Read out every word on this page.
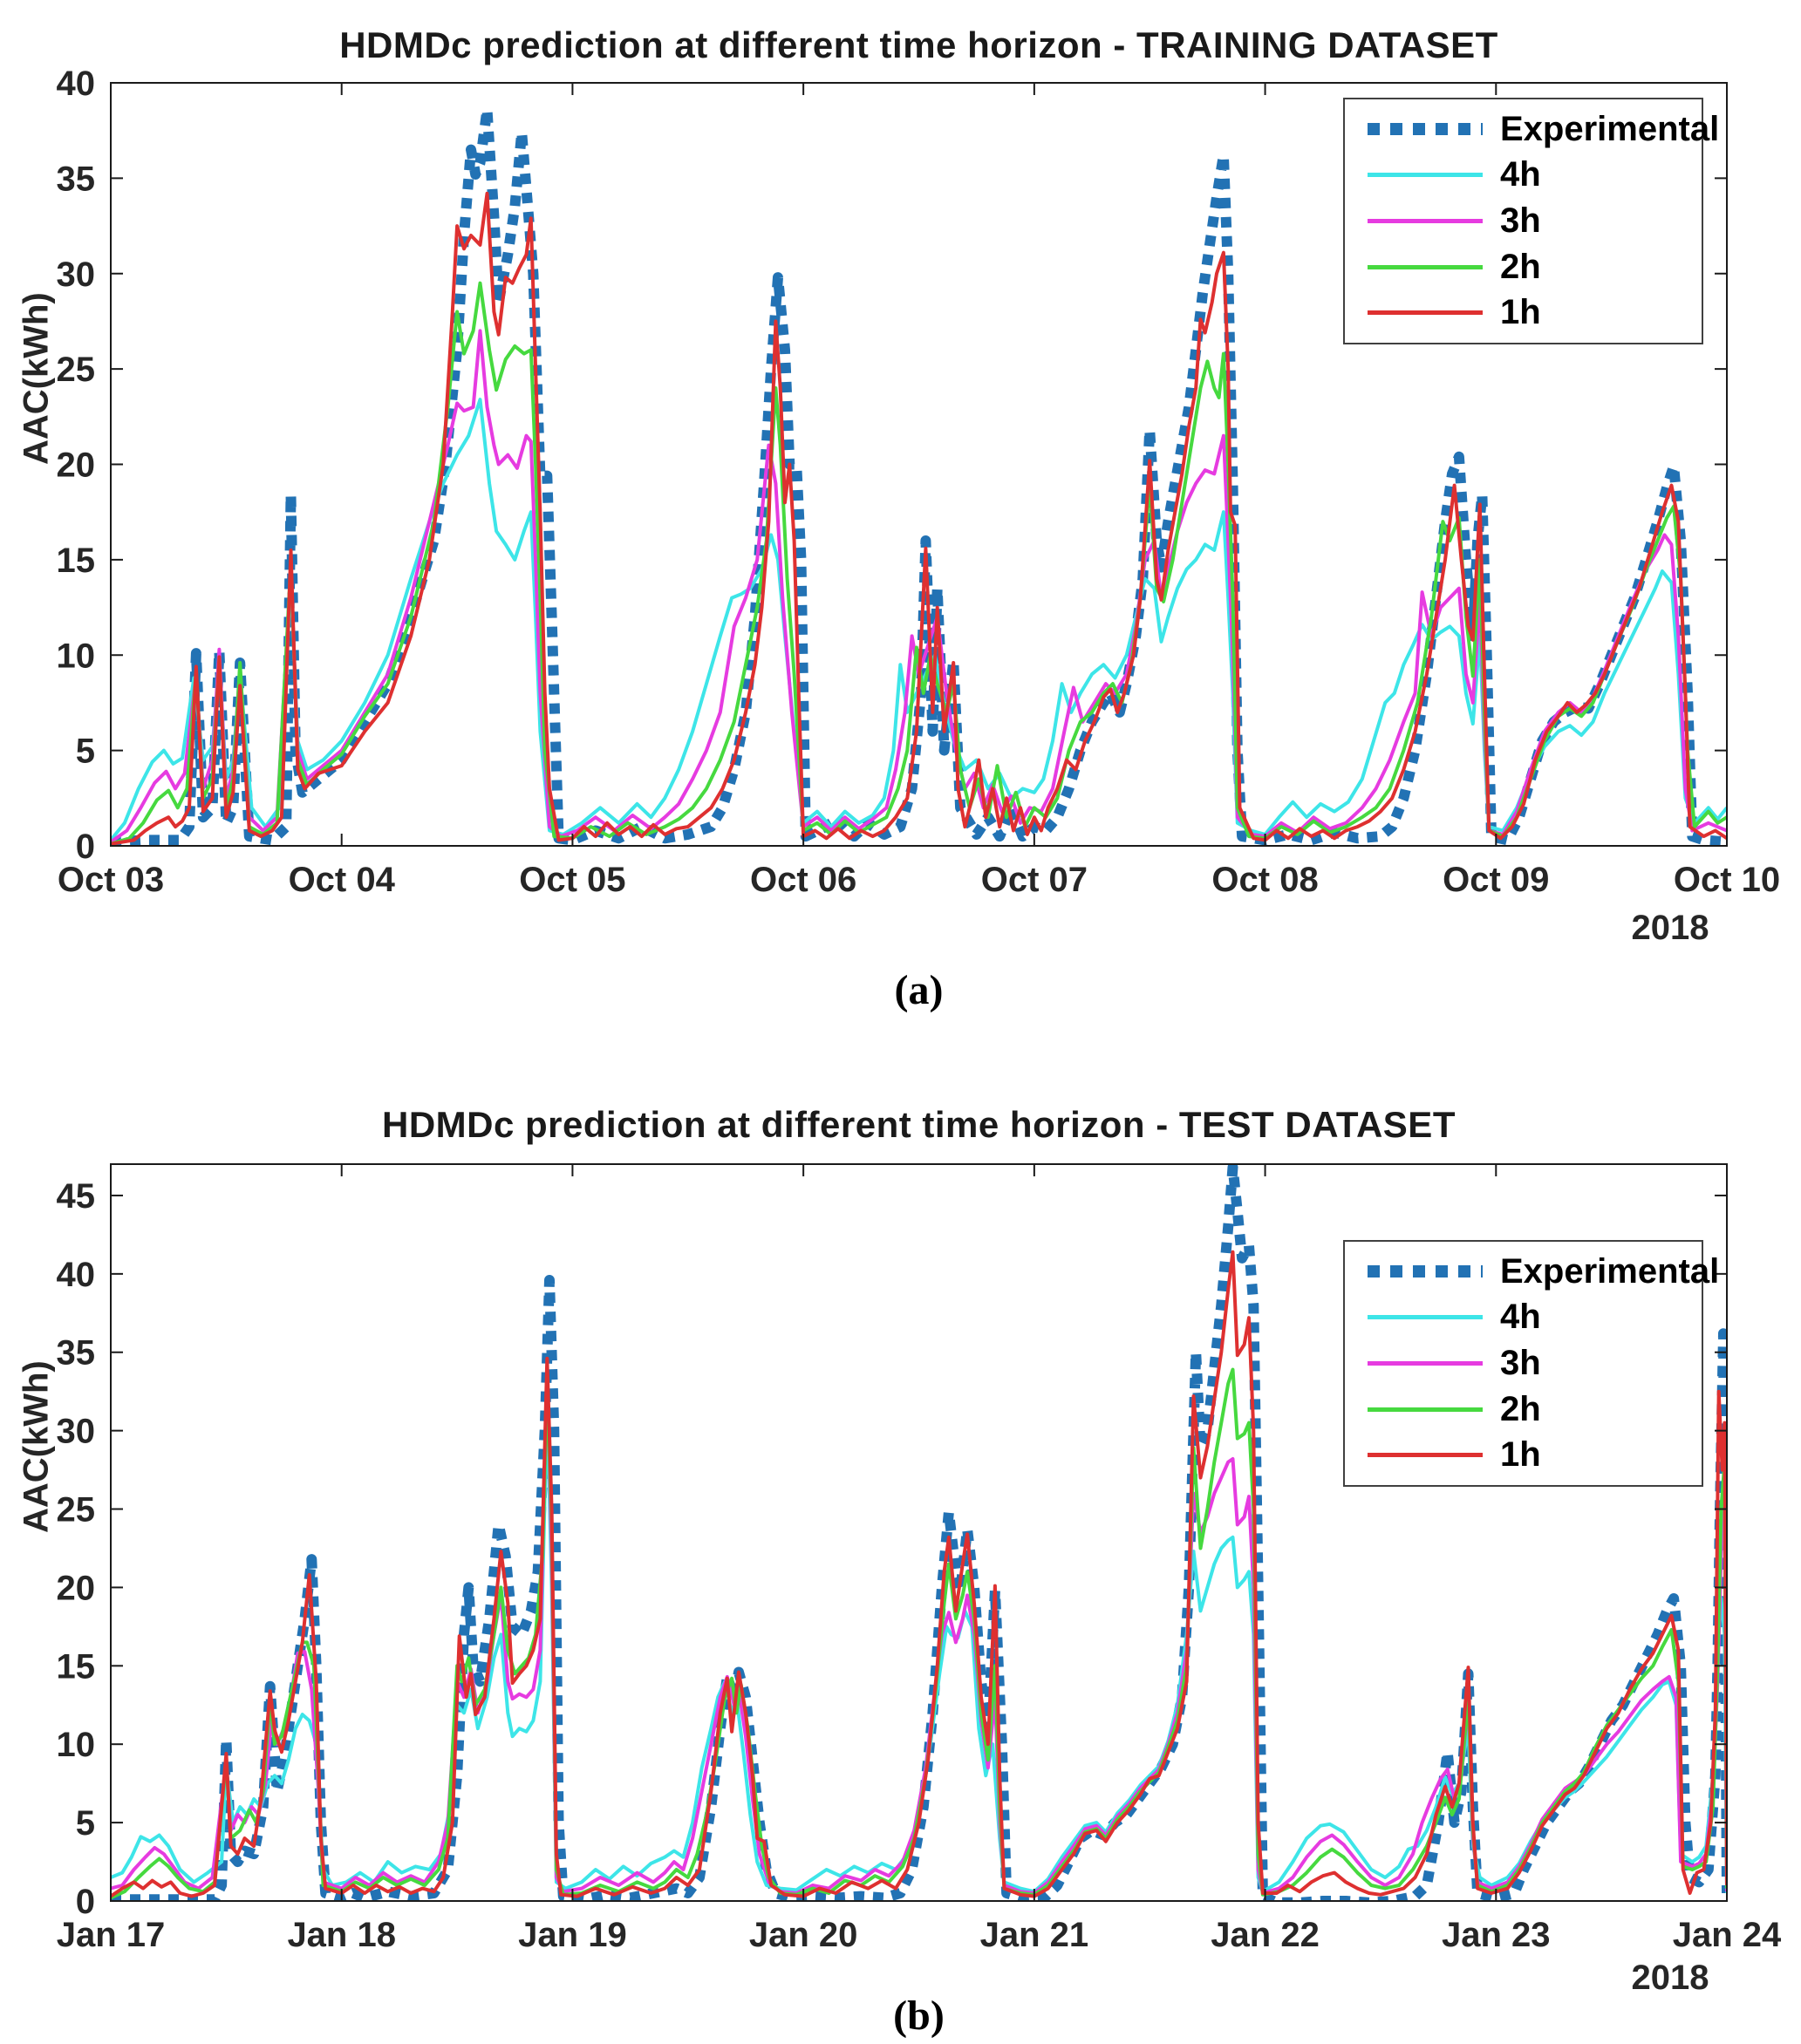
Oct 03	Oct 04	Oct 05	Oct 06	Oct 07	Oct 08	Oct 09	Oct 10
0
5
10
15
20
25
30
35
40
Jan 17	Jan 18	Jan 19	Jan 20	Jan 21	Jan 22	Jan 23	Jan 24
0
5
10
15
20
25
30
35
40
45
HDMDc prediction at different time horizon - TRAINING DATASET
AAC(kWh)
2018
(a)
Experimental
4h
3h
2h
1h
HDMDc prediction at different time horizon - TEST DATASET
AAC(kWh)
2018
(b)
Experimental
4h
3h
2h
1h
